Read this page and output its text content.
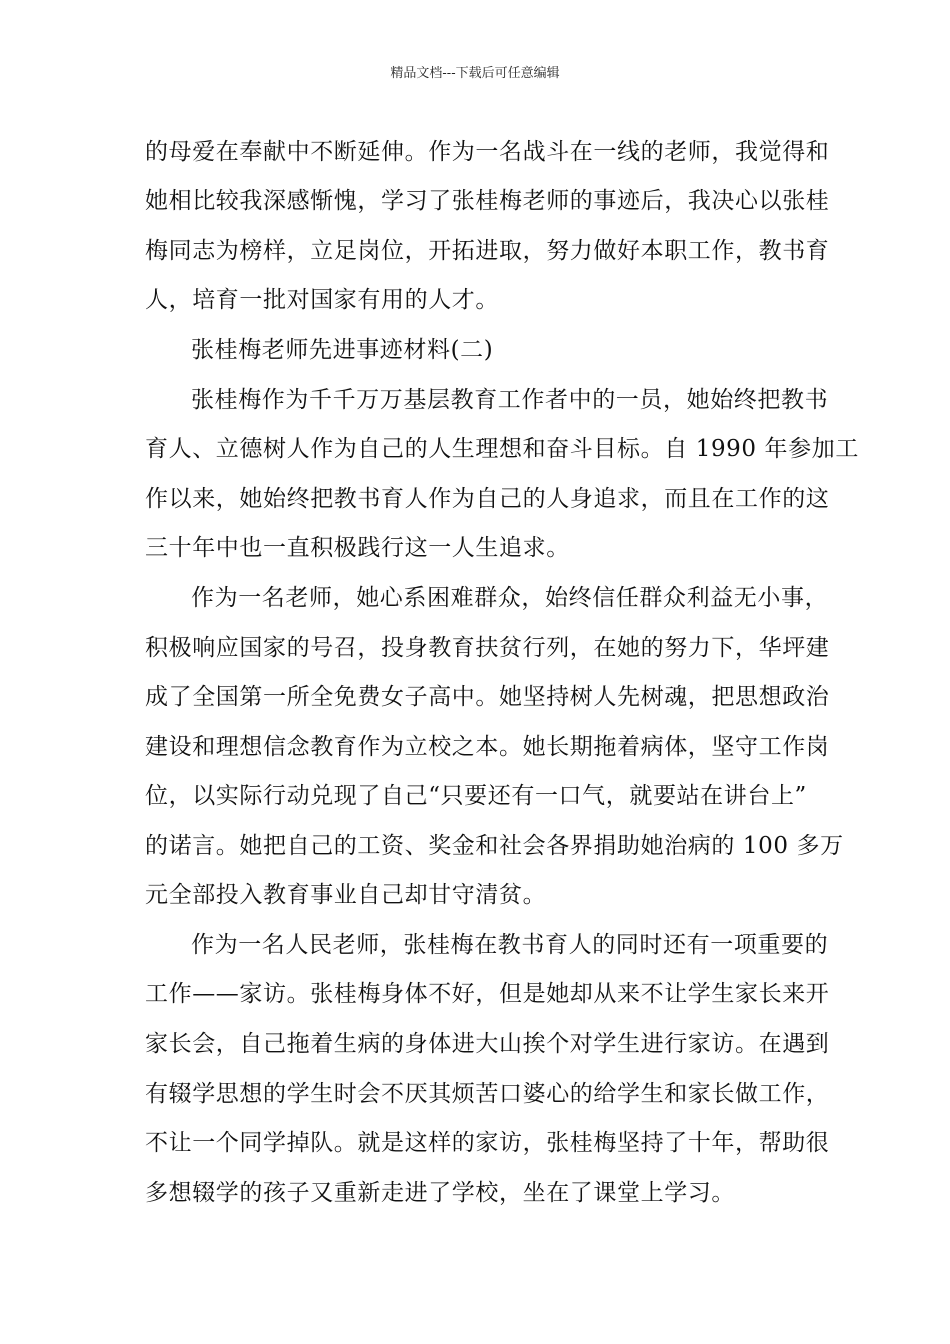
精品文档---下载后可任意编辑
的母爱在奉献中不断延伸。作为一名战斗在一线的老师，我觉得和
她相比较我深感惭愧，学习了张桂梅老师的事迹后，我决心以张桂
梅同志为榜样，立足岗位，开拓进取，努力做好本职工作，教书育
人，培育一批对国家有用的人才。
张桂梅老师先进事迹材料(二)
张桂梅作为千千万万基层教育工作者中的一员，她始终把教书
育人、立德树人作为自己的人生理想和奋斗目标。自 1990 年参加工
作以来，她始终把教书育人作为自己的人身追求，而且在工作的这
三十年中也一直积极践行这一人生追求。
作为一名老师，她心系困难群众，始终信任群众利益无小事，
积极响应国家的号召，投身教育扶贫行列，在她的努力下，华坪建
成了全国第一所全免费女子高中。她坚持树人先树魂，把思想政治
建设和理想信念教育作为立校之本。她长期拖着病体，坚守工作岗
位，以实际行动兑现了自己“只要还有一口气，就要站在讲台上”
的诺言。她把自己的工资、奖金和社会各界捐助她治病的 100 多万
元全部投入教育事业自己却甘守清贫。
作为一名人民老师，张桂梅在教书育人的同时还有一项重要的
工作——家访。张桂梅身体不好，但是她却从来不让学生家长来开
家长会，自己拖着生病的身体进大山挨个对学生进行家访。在遇到
有辍学思想的学生时会不厌其烦苦口婆心的给学生和家长做工作，
不让一个同学掉队。就是这样的家访，张桂梅坚持了十年，帮助很
多想辍学的孩子又重新走进了学校，坐在了课堂上学习。
